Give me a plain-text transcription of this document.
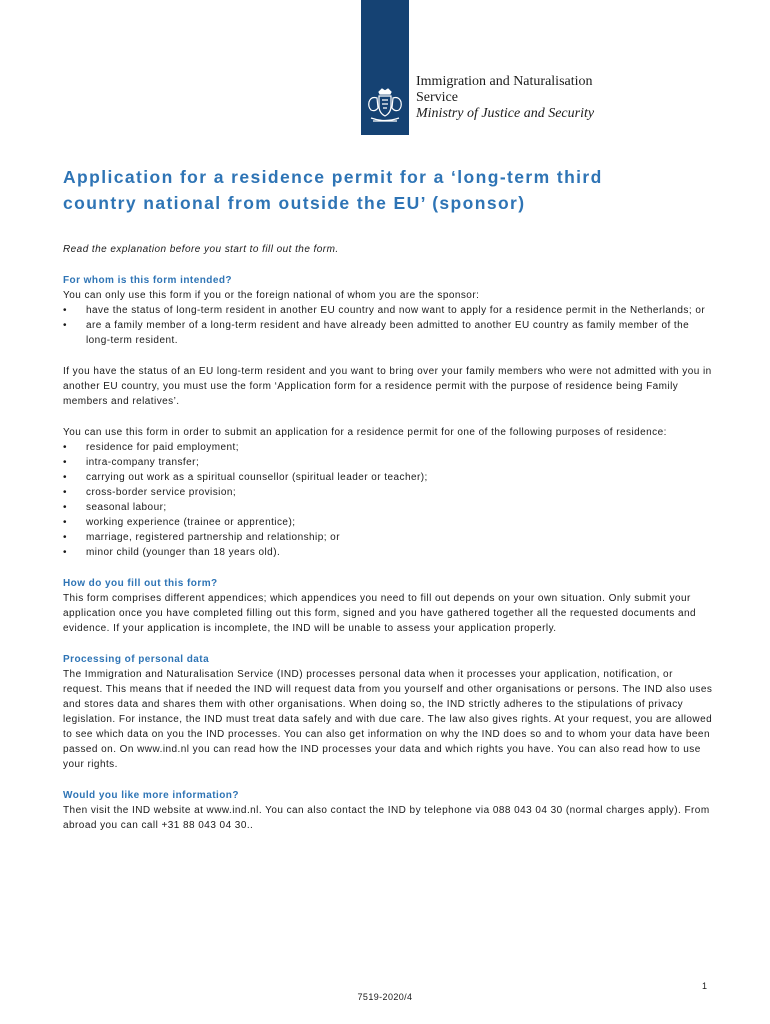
Immigration and Naturalisation
Service
Ministry of Justice and Security
Application for a residence permit for a ‘long-term third
country national from outside the EU’ (sponsor)

Read the explanation before you start to fill out the form.

For whom is this form intended?

You can only use this form if you or the foreign national of whom you are the sponsor:

• have the status of long-term resident in another EU country and now want to apply for a residence permit in the Netherlands; or
• are a family member of a long-term resident and have already been admitted to another EU country as family member of the long-term resident.

If you have the status of an EU long-term resident and you want to bring over your family members who were not admitted with you in another EU country, you must use the form ‘Application form for a residence permit with the purpose of residence being Family members and relatives’.

You can use this form in order to submit an application for a residence permit for one of the following purposes of residence:

• residence for paid employment;
• intra-company transfer;
• carrying out work as a spiritual counsellor (spiritual leader or teacher);
• cross-border service provision;
• seasonal labour;
• working experience (trainee or apprentice);
• marriage, registered partnership and relationship; or
• minor child (younger than 18 years old).

How do you fill out this form?

This form comprises different appendices; which appendices you need to fill out depends on your own situation. Only submit your application once you have completed filling out this form, signed and you have gathered together all the requested documents and evidence. If your application is incomplete, the IND will be unable to assess your application properly.

Processing of personal data

The Immigration and Naturalisation Service (IND) processes personal data when it processes your application, notification, or request. This means that if needed the IND will request data from you yourself and other organisations or persons. The IND also uses and stores data and shares them with other organisations. When doing so, the IND strictly adheres to the stipulations of privacy legislation. For instance, the IND must treat data safely and with due care. The law also gives rights. At your request, you are allowed to see which data on you the IND processes. You can also get information on why the IND does so and to whom your data have been passed on. On www.ind.nl you can read how the IND processes your data and which rights you have. You can also read how to use your rights.

Would you like more information?

Then visit the IND website at www.ind.nl. You can also contact the IND by telephone via 088 043 04 30 (normal charges apply). From abroad you can call +31 88 043 04 30..

1
7519-2020/4
